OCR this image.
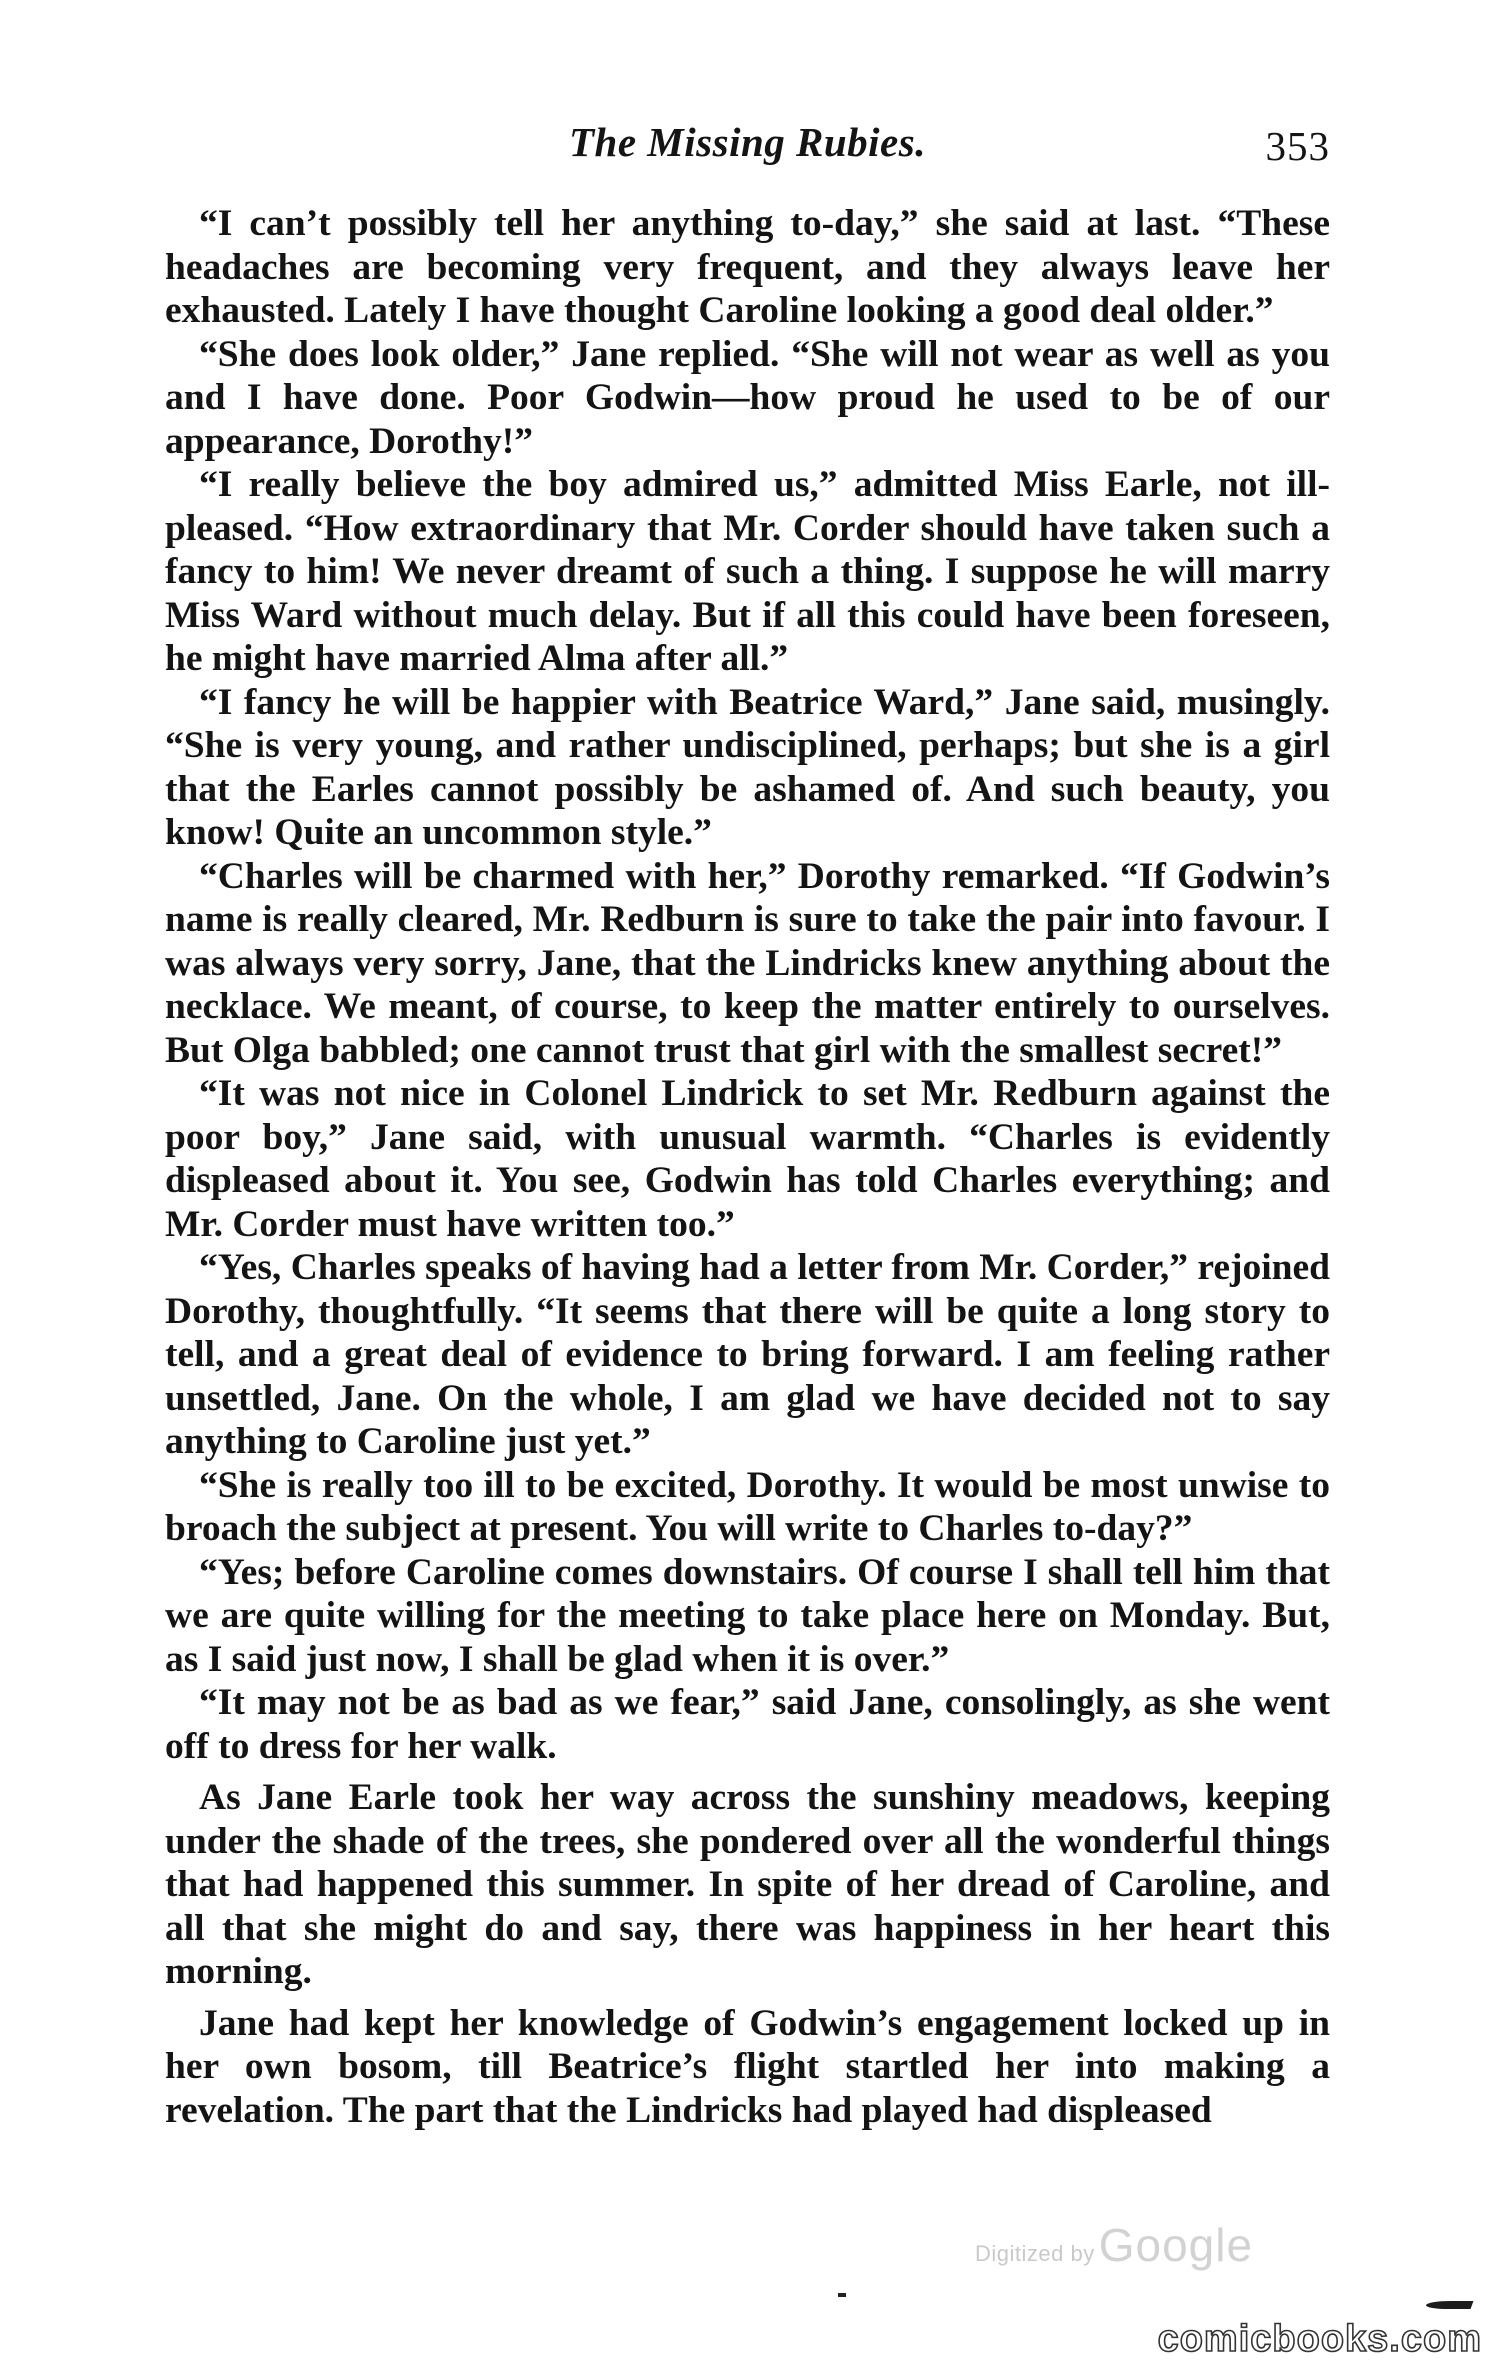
The Missing Rubies.	353

“I can’t possibly tell her anything to-day,” she said at last. “These headaches are becoming very frequent, and they always leave her exhausted. Lately I have thought Caroline looking a good deal older.”

“She does look older,” Jane replied. “She will not wear as well as you and I have done. Poor Godwin—how proud he used to be of our appearance, Dorothy!”

“I really believe the boy admired us,” admitted Miss Earle, not ill-pleased. “How extraordinary that Mr. Corder should have taken such a fancy to him! We never dreamt of such a thing. I suppose he will marry Miss Ward without much delay. But if all this could have been foreseen, he might have married Alma after all.”

“I fancy he will be happier with Beatrice Ward,” Jane said, musingly. “She is very young, and rather undisciplined, perhaps; but she is a girl that the Earles cannot possibly be ashamed of. And such beauty, you know! Quite an uncommon style.”

“Charles will be charmed with her,” Dorothy remarked. “If Godwin’s name is really cleared, Mr. Redburn is sure to take the pair into favour. I was always very sorry, Jane, that the Lindricks knew anything about the necklace. We meant, of course, to keep the matter entirely to ourselves. But Olga babbled; one cannot trust that girl with the smallest secret!”

“It was not nice in Colonel Lindrick to set Mr. Redburn against the poor boy,” Jane said, with unusual warmth. “Charles is evidently displeased about it. You see, Godwin has told Charles everything; and Mr. Corder must have written too.”

“Yes, Charles speaks of having had a letter from Mr. Corder,” rejoined Dorothy, thoughtfully. “It seems that there will be quite a long story to tell, and a great deal of evidence to bring forward. I am feeling rather unsettled, Jane. On the whole, I am glad we have decided not to say anything to Caroline just yet.”

“She is really too ill to be excited, Dorothy. It would be most unwise to broach the subject at present. You will write to Charles to-day?”

“Yes; before Caroline comes downstairs. Of course I shall tell him that we are quite willing for the meeting to take place here on Monday. But, as I said just now, I shall be glad when it is over.”

“It may not be as bad as we fear,” said Jane, consolingly, as she went off to dress for her walk.

As Jane Earle took her way across the sunshiny meadows, keeping under the shade of the trees, she pondered over all the wonderful things that had happened this summer. In spite of her dread of Caroline, and all that she might do and say, there was happiness in her heart this morning.

Jane had kept her knowledge of Godwin’s engagement locked up in her own bosom, till Beatrice’s flight startled her into making a revelation. The part that the Lindricks had played had displeased

Digitized byGoogle
comicbooks.com
